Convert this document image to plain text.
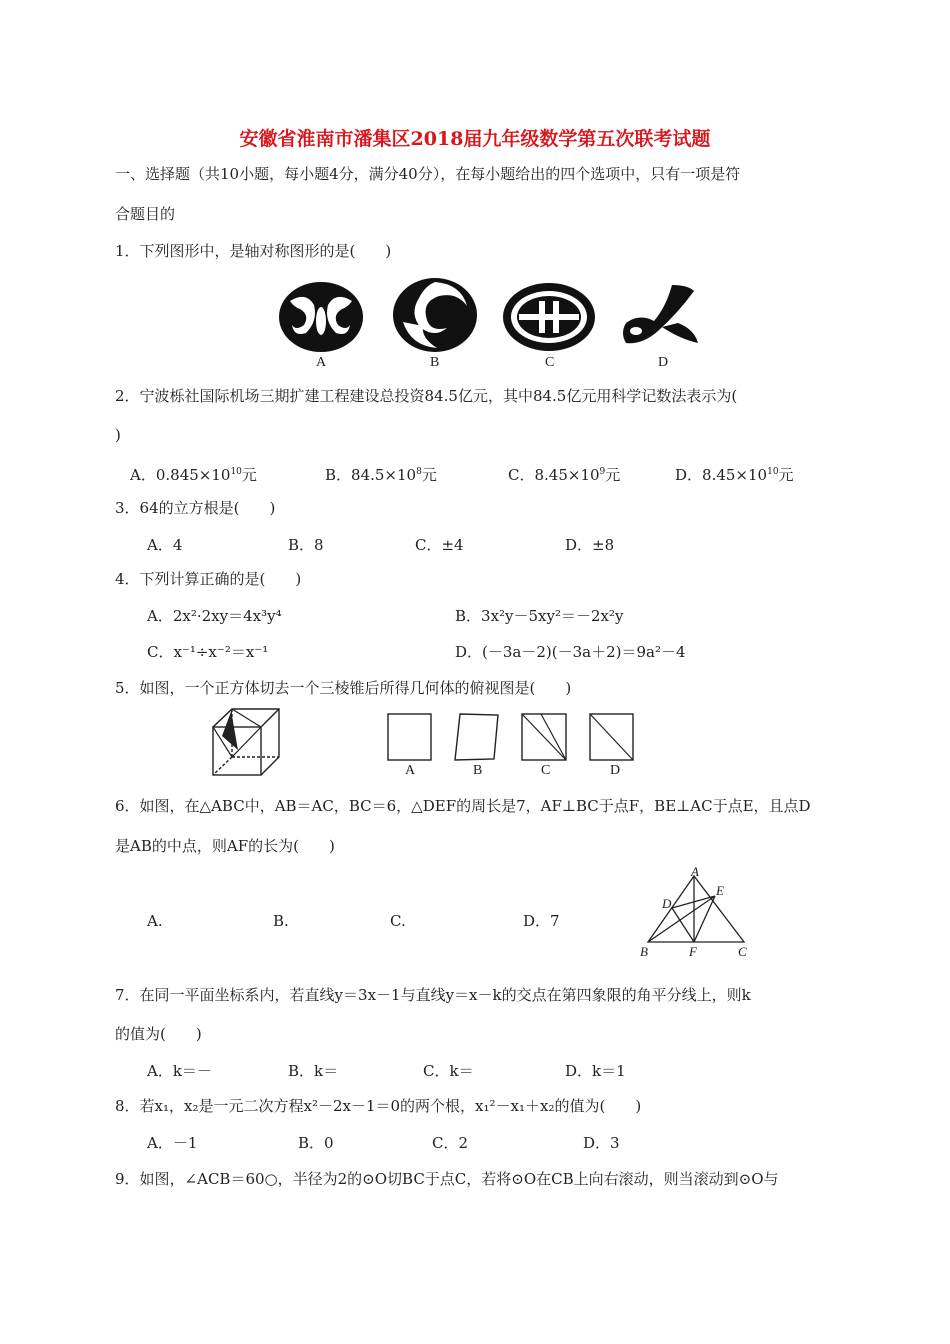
安徽省淮南市潘集区2018届九年级数学第五次联考试题
一、选择题（共10小题，每小题4分，满分40分），在每小题给出的四个选项中，只有一项是符
合题目的
1．下列图形中，是轴对称图形的是(　　)
A	B	C	D
2．宁波栎社国际机场三期扩建工程建设总投资84.5亿元，其中84.5亿元用科学记数法表示为(
)
A．$0.845\times 10^{10}$元	B．$84.5\times 10^8$元	C．$8.45\times 10^9$元	D．$8.45\times 10^{10}$元
3．64的立方根是(　　)
A．4	B．8	C．±4	D．±8
4．下列计算正确的是(　　)
A．2x²·2xy＝4x³y⁴	B．3x²y－5xy²＝－2x²y
C．x⁻¹÷x⁻²＝x⁻¹	D．(－3a－2)(－3a＋2)＝9a²－4
5．如图，一个正方体切去一个三棱锥后所得几何体的俯视图是(　　)
A	B	C	D
6．如图，在△ABC中，AB＝AC，BC＝6，△DEF的周长是7，AF⊥BC于点F，BE⊥AC于点E，且点D
是AB的中点，则AF的长为(　　)
A.	B.	C.	D．7
A
D
E
B	F	C
7．在同一平面坐标系内，若直线y＝3x－1与直线y＝x－k的交点在第四象限的角平分线上，则k
的值为(　　)
A．k＝－	B．k＝	C．k＝	D．k＝1
8．若x₁，x₂是一元二次方程x²－2x－1＝0的两个根，x₁²－x₁＋x₂的值为(　　)
A．－1	B．0	C．2	D．3
9．如图，∠ACB＝60○，半径为2的⊙O切BC于点C，若将⊙O在CB上向右滚动，则当滚动到⊙O与
